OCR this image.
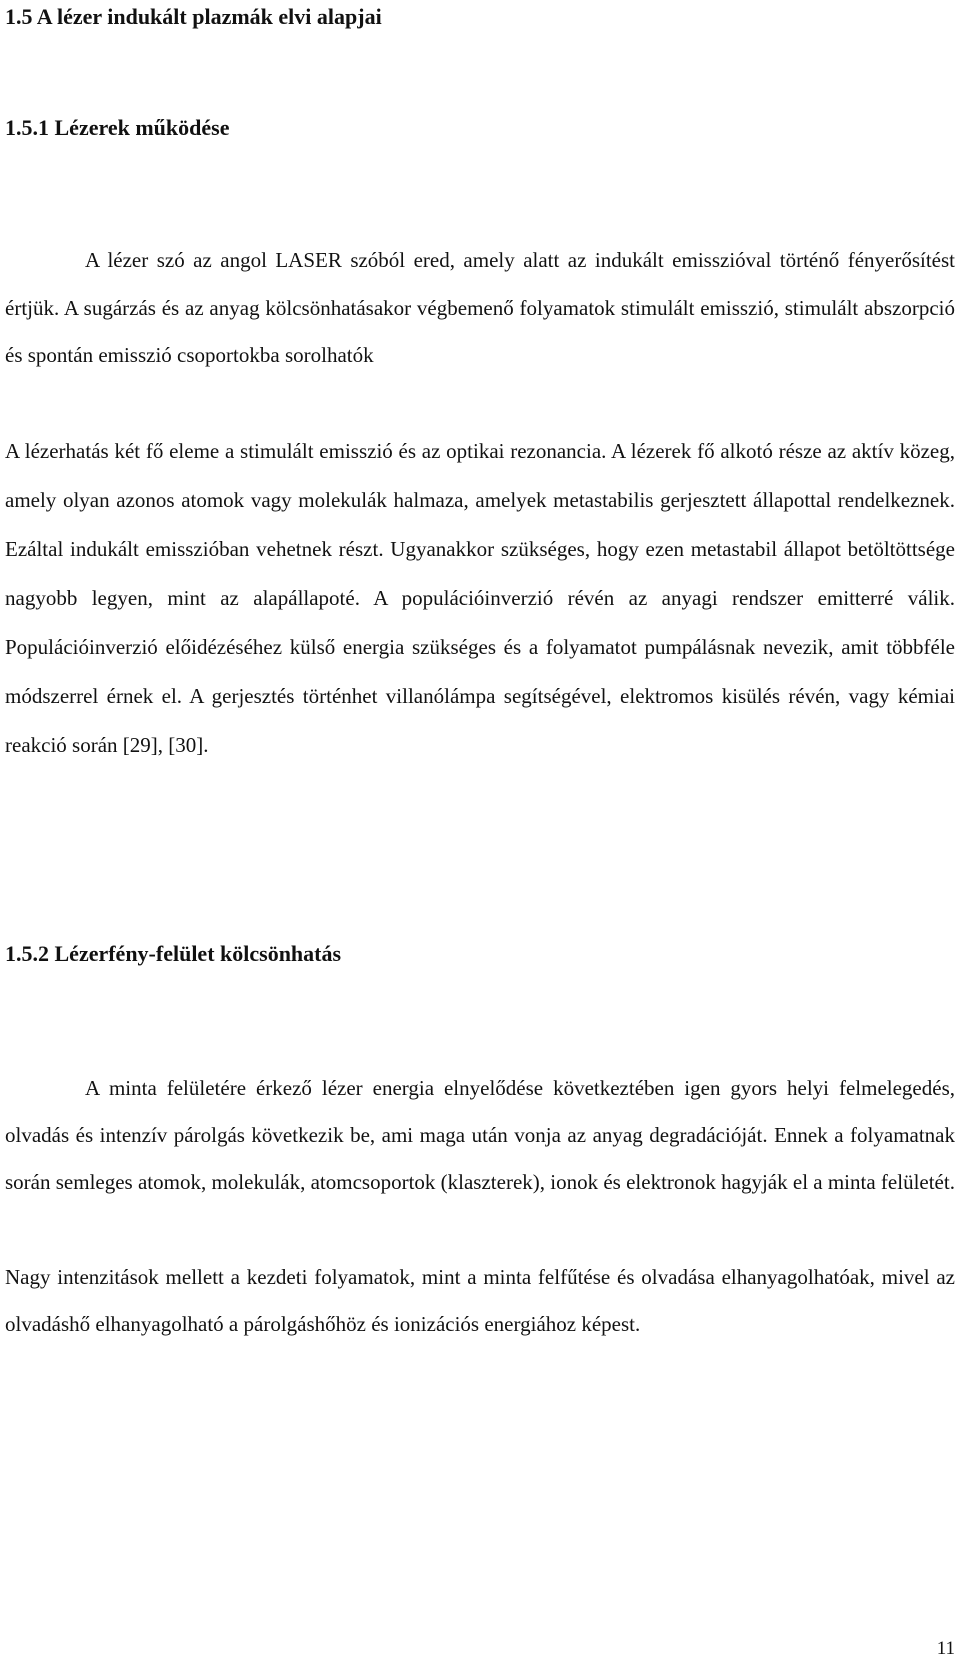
1.5 A lézer indukált plazmák elvi alapjai
1.5.1 Lézerek működése

A lézer szó az angol LASER szóból ered, amely alatt az indukált emisszióval történő fényerősítést értjük. A sugárzás és az anyag kölcsönhatásakor végbemenő folyamatok stimulált emisszió, stimulált abszorpció és spontán emisszió csoportokba sorolhatók

A lézerhatás két fő eleme a stimulált emisszió és az optikai rezonancia. A lézerek fő alkotó része az aktív közeg, amely olyan azonos atomok vagy molekulák halmaza, amelyek metastabilis gerjesztett állapottal rendelkeznek. Ezáltal indukált emisszióban vehetnek részt. Ugyanakkor szükséges, hogy ezen metastabil állapot betöltöttsége nagyobb legyen, mint az alapállapoté. A populációinverzió révén az anyagi rendszer emitterré válik. Populációinverzió előidézéséhez külső energia szükséges és a folyamatot pumpálásnak nevezik, amit többféle módszerrel érnek el. A gerjesztés történhet villanólámpa segítségével, elektromos kisülés révén, vagy kémiai reakció során [29], [30].

1.5.2 Lézerfény-felület kölcsönhatás

A minta felületére érkező lézer energia elnyelődése következtében igen gyors helyi felmelegedés, olvadás és intenzív párolgás következik be, ami maga után vonja az anyag degradációját. Ennek a folyamatnak során semleges atomok, molekulák, atomcsoportok (klaszterek), ionok és elektronok hagyják el a minta felületét.

Nagy intenzitások mellett a kezdeti folyamatok, mint a minta felfűtése és olvadása elhanyagolhatóak, mivel az olvadáshő elhanyagolható a párolgáshőhöz és ionizációs energiához képest.

11
